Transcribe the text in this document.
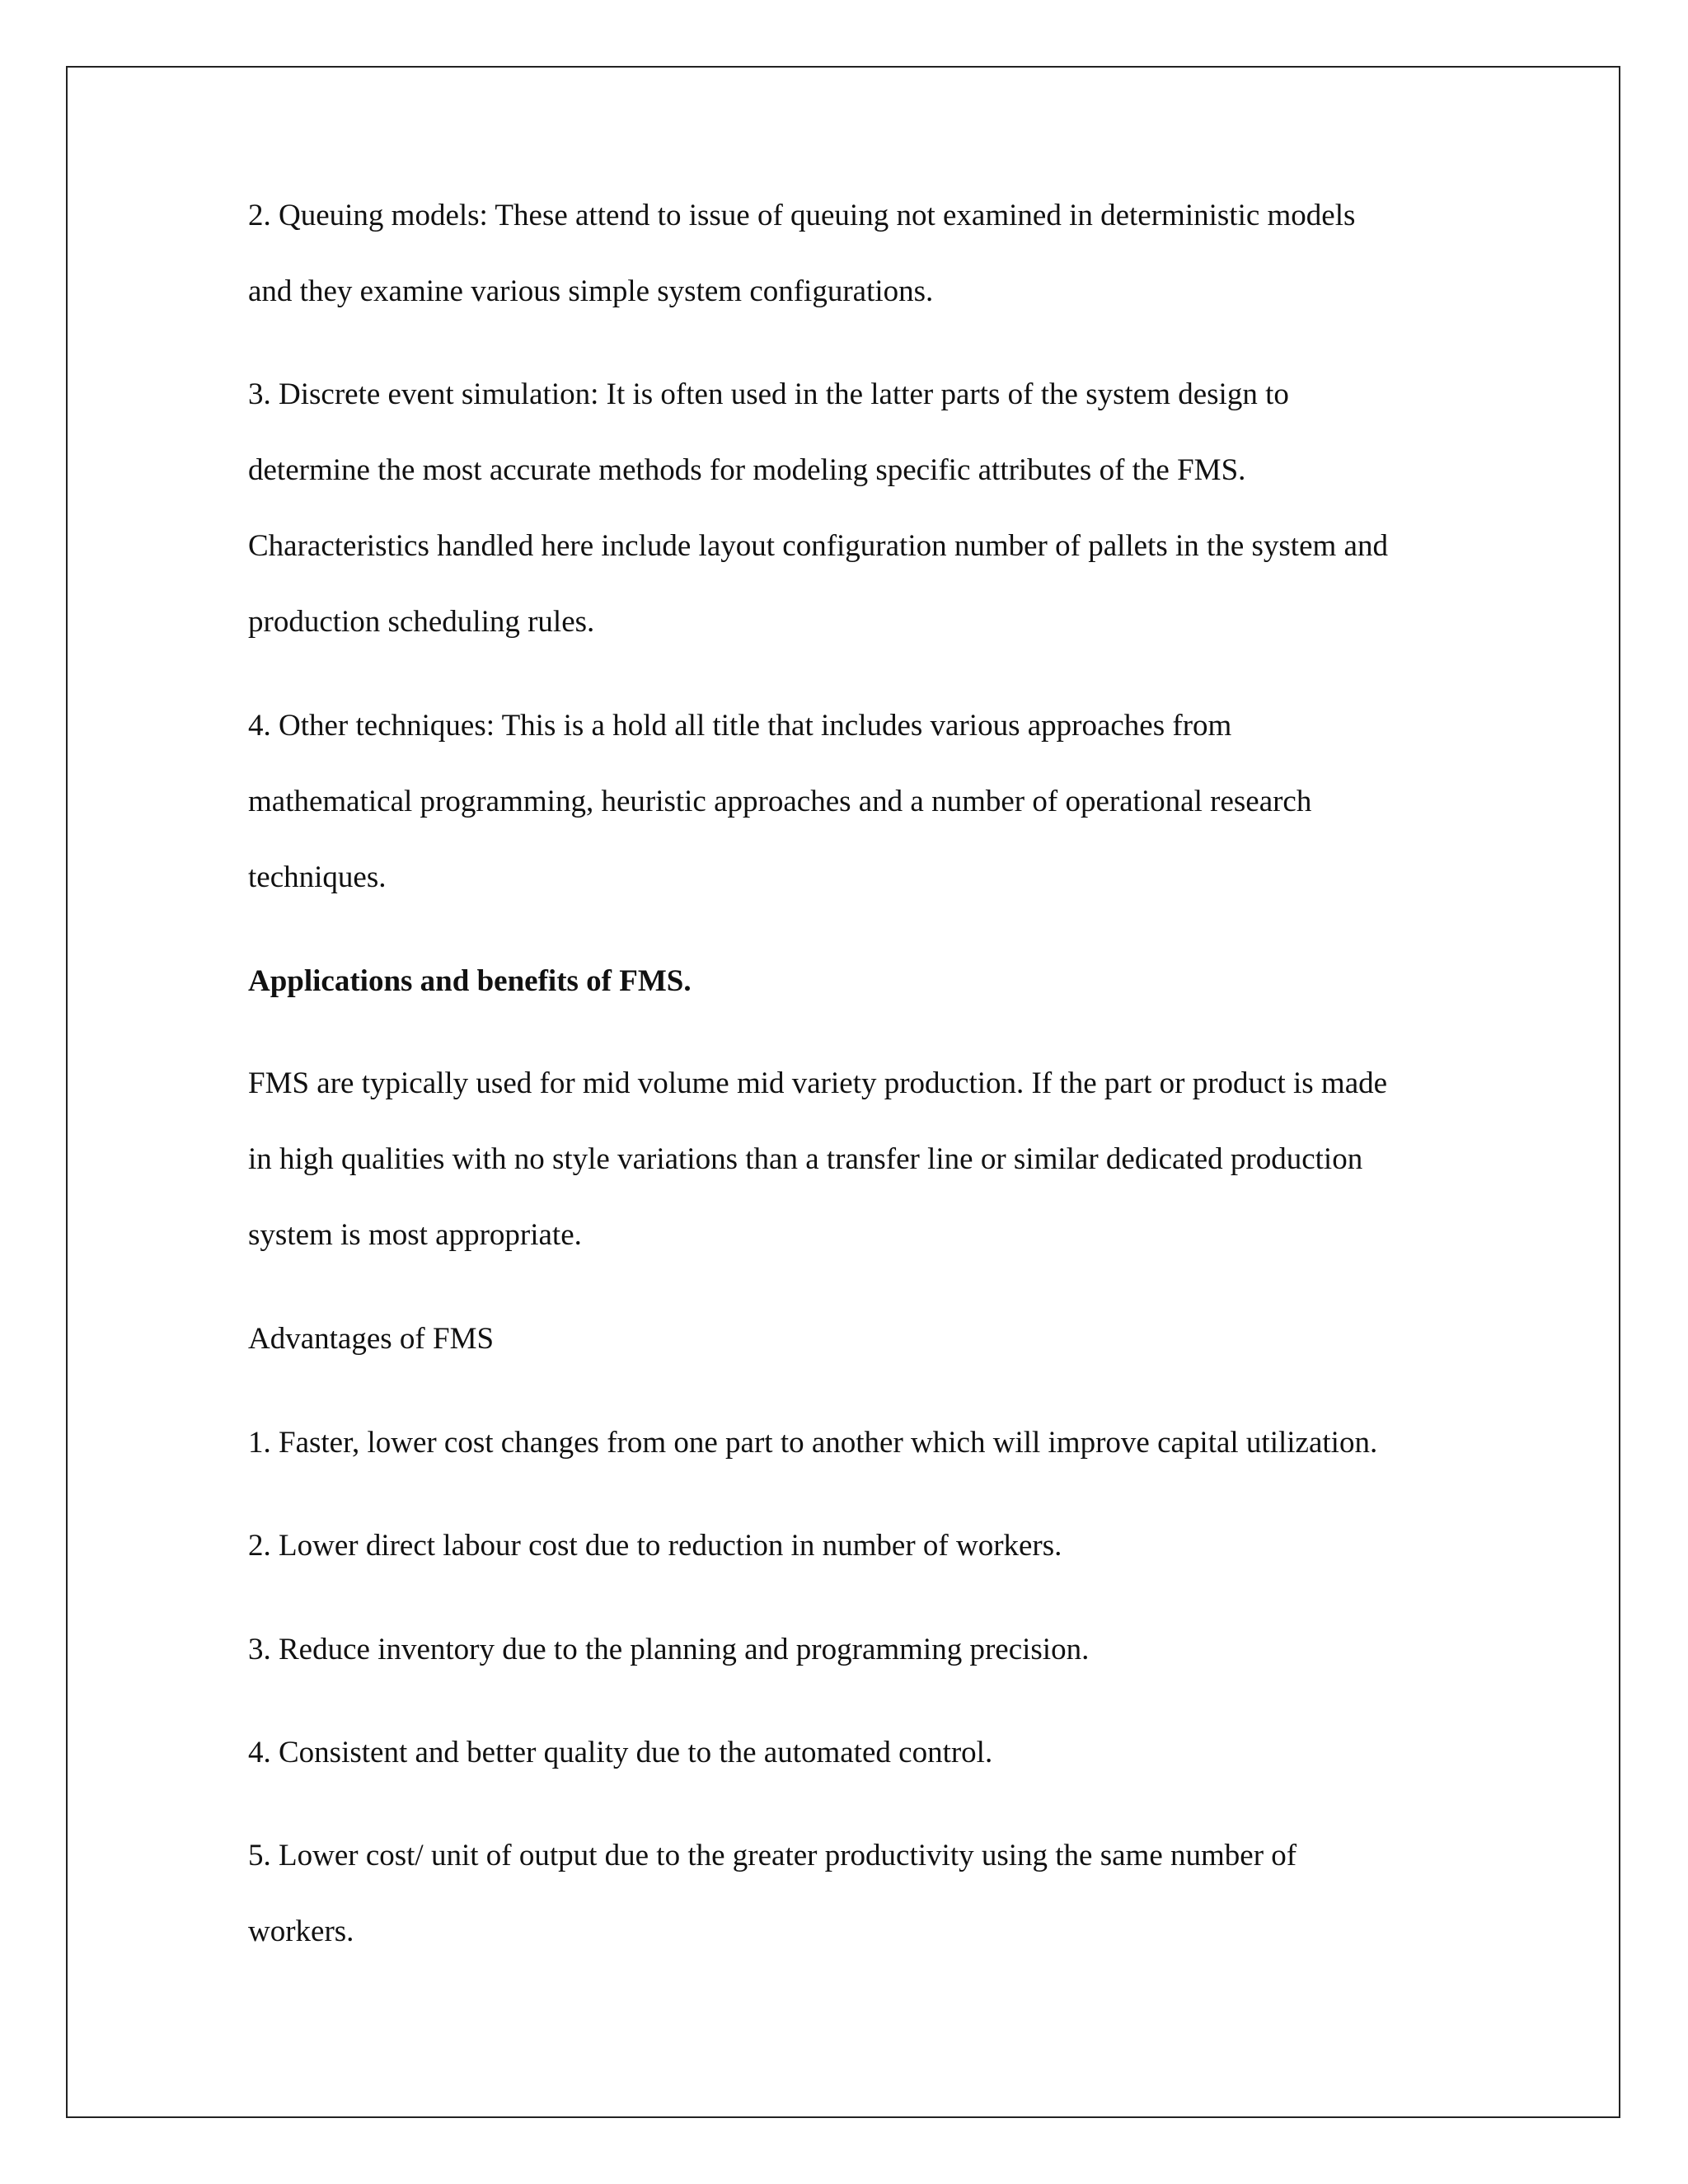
2. Queuing models: These attend to issue of queuing not examined in deterministic models

and they examine various simple system configurations.

3. Discrete event simulation: It is often used in the latter parts of the system design to

determine the most accurate methods for modeling specific attributes of the FMS.

Characteristics handled here include layout configuration number of pallets in the system and

production scheduling rules.

4. Other techniques: This is a hold all title that includes various approaches from

mathematical programming, heuristic approaches and a number of operational research

techniques.

Applications and benefits of FMS.

FMS are typically used for mid volume mid variety production. If the part or product is made

in high qualities with no style variations than a transfer line or similar dedicated production

system is most appropriate.

Advantages of FMS

1. Faster, lower cost changes from one part to another which will improve capital utilization.

2. Lower direct labour cost due to reduction in number of workers.

3. Reduce inventory due to the planning and programming precision.

4. Consistent and better quality due to the automated control.

5. Lower cost/ unit of output due to the greater productivity using the same number of

workers.
